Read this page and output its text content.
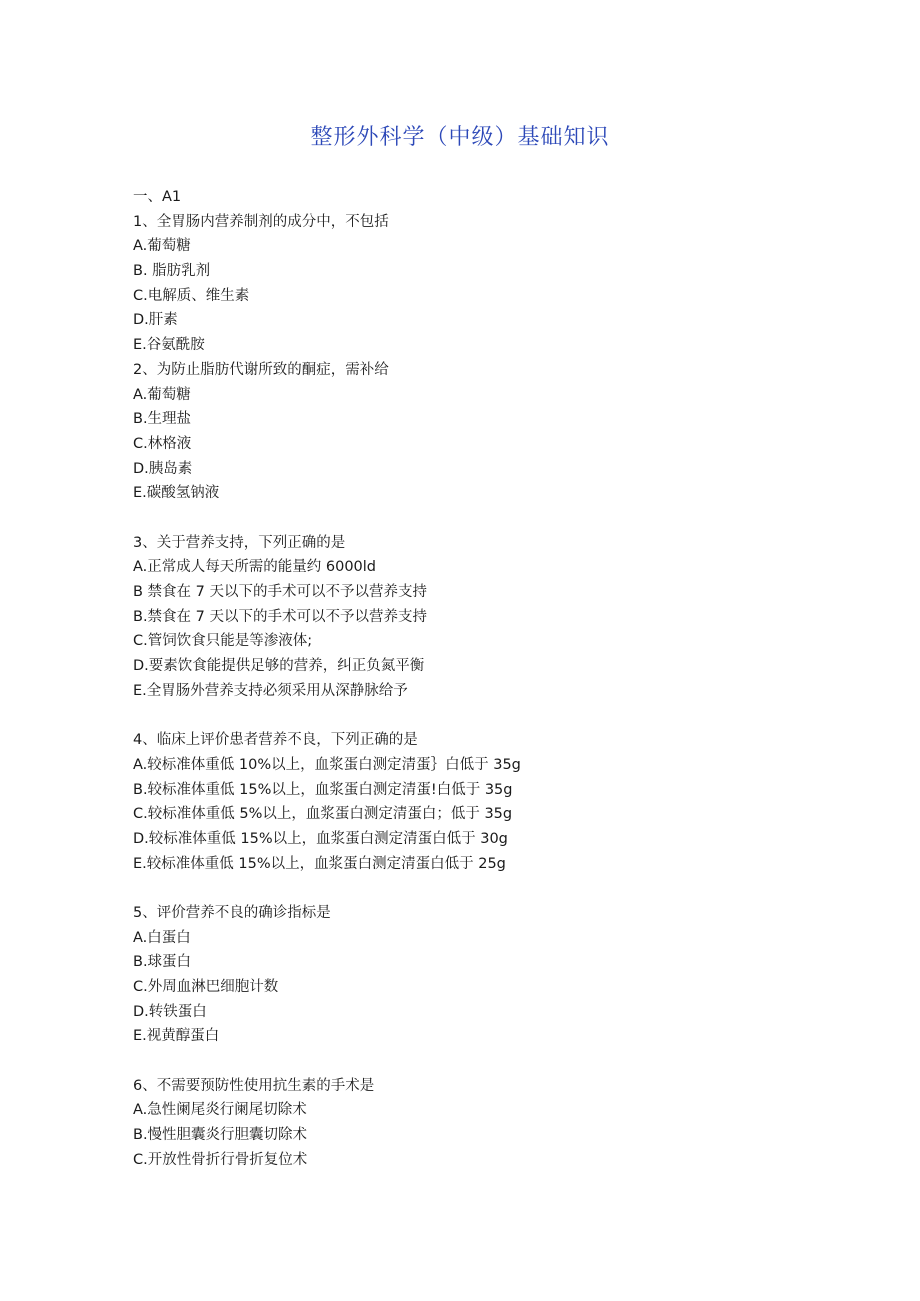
整形外科学（中级）基础知识
一、A1
1、全胃肠内营养制剂的成分中，不包括
A.葡萄糖
B. 脂肪乳剂
C.电解质、维生素
D.肝素
E.谷氨酰胺
2、为防止脂肪代谢所致的酮症，需补给
A.葡萄糖
B.生理盐
C.林格液
D.胰岛素
E.碳酸氢钠液
3、关于营养支持，下列正确的是
A.正常成人每天所需的能量约 6000ld
B 禁食在 7 天以下的手术可以不予以营养支持
B.禁食在 7 天以下的手术可以不予以营养支持
C.管饲饮食只能是等渗液体;
D.要素饮食能提供足够的营养，纠正负氮平衡
E.全胃肠外营养支持必须采用从深静脉给予
4、临床上评价患者营养不良，下列正确的是
A.较标准体重低 10%以上，血浆蛋白测定清蛋｝白低于 35g
B.较标准体重低 15%以上，血浆蛋白测定清蛋!白低于 35g
C.较标准体重低 5%以上，血浆蛋白测定清蛋白；低于 35g
D.较标准体重低 15%以上，血浆蛋白测定清蛋白低于 30g
E.较标准体重低 15%以上，血浆蛋白测定清蛋白低于 25g
5、评价营养不良的确诊指标是
A.白蛋白
B.球蛋白
C.外周血淋巴细胞计数
D.转铁蛋白
E.视黄醇蛋白
6、不需要预防性使用抗生素的手术是
A.急性阑尾炎行阑尾切除术
B.慢性胆囊炎行胆囊切除术
C.开放性骨折行骨折复位术
